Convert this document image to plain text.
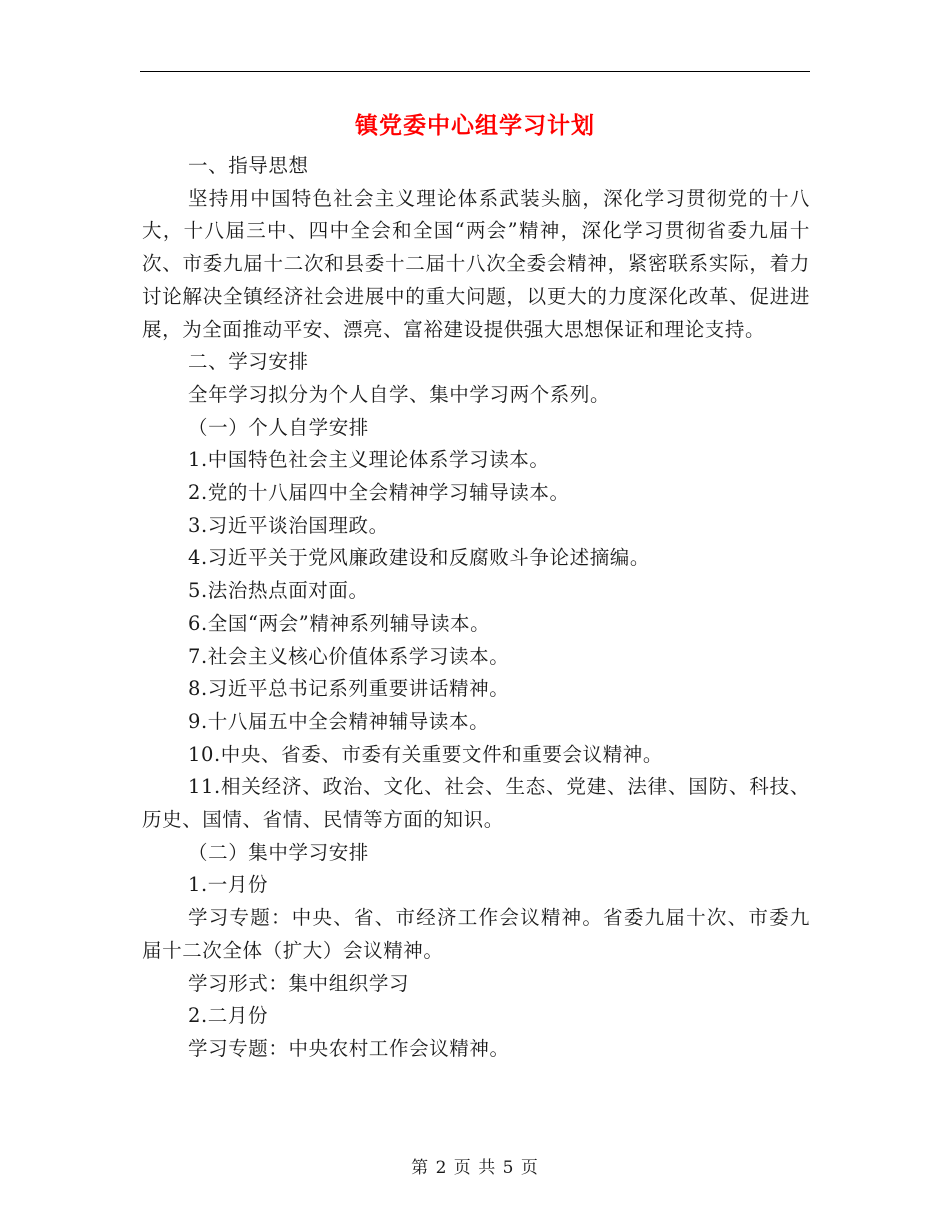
镇党委中心组学习计划

一、指导思想

坚持用中国特色社会主义理论体系武装头脑，深化学习贯彻党的十八大，十八届三中、四中全会和全国“两会”精神，深化学习贯彻省委九届十次、市委九届十二次和县委十二届十八次全委会精神，紧密联系实际，着力讨论解决全镇经济社会进展中的重大问题，以更大的力度深化改革、促进进展，为全面推动平安、漂亮、富裕建设提供强大思想保证和理论支持。

二、学习安排

全年学习拟分为个人自学、集中学习两个系列。

（一）个人自学安排

1.中国特色社会主义理论体系学习读本。

2.党的十八届四中全会精神学习辅导读本。

3.习近平谈治国理政。

4.习近平关于党风廉政建设和反腐败斗争论述摘编。

5.法治热点面对面。

6.全国“两会”精神系列辅导读本。

7.社会主义核心价值体系学习读本。

8.习近平总书记系列重要讲话精神。

9.十八届五中全会精神辅导读本。

10.中央、省委、市委有关重要文件和重要会议精神。

11.相关经济、政治、文化、社会、生态、党建、法律、国防、科技、历史、国情、省情、民情等方面的知识。

（二）集中学习安排

1.一月份

学习专题：中央、省、市经济工作会议精神。省委九届十次、市委九届十二次全体（扩大）会议精神。

学习形式：集中组织学习

2.二月份

学习专题：中央农村工作会议精神。

第 2 页 共 5 页
